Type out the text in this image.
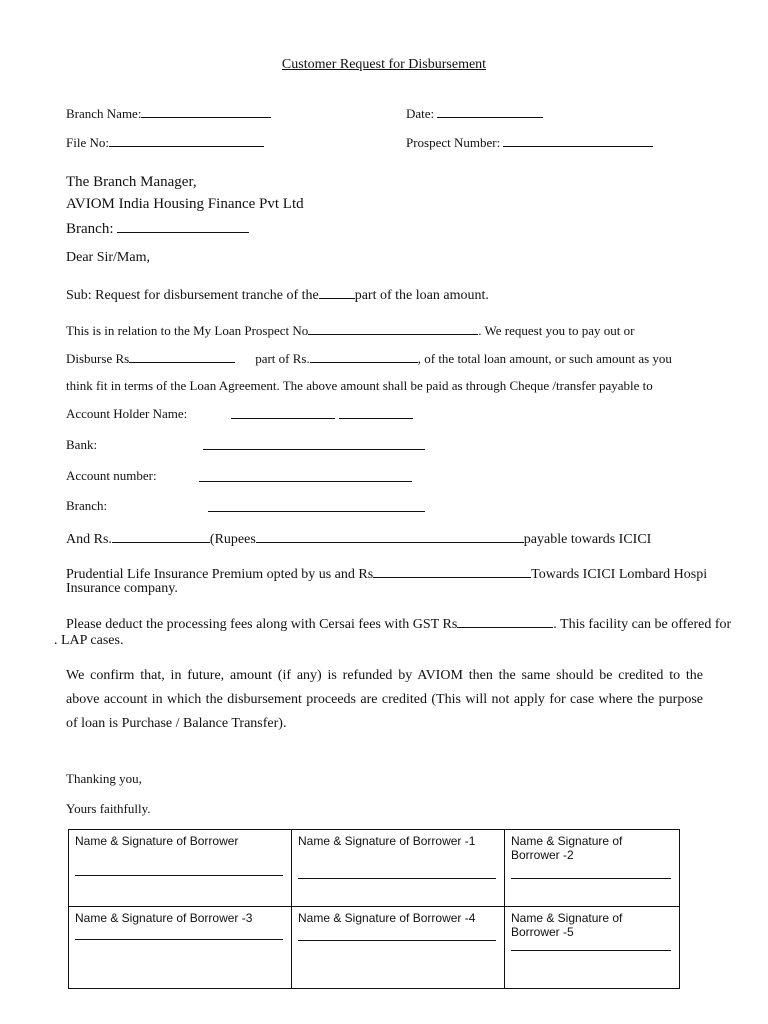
Customer Request for Disbursement
Branch Name:	Date:
File No:	Prospect Number:
The Branch Manager,
AVIOM India Housing Finance Pvt Ltd
Branch:
Dear Sir/Mam,
Sub: Request for disbursement tranche of the	part of the loan amount.
This is in relation to the My Loan Prospect No	. We request you to pay out or
Disburse Rs	part of Rs.	, of the total loan amount, or such amount as you
think fit in terms of the Loan Agreement. The above amount shall be paid as through Cheque /transfer payable to
Account Holder Name:
Bank:
Account number:
Branch:
And Rs.	(Rupees	payable towards ICICI
Prudential Life Insurance Premium opted by us and Rs	Towards ICICI Lombard Hospi
Insurance company.
Please deduct the processing fees along with Cersai fees with GST Rs	. This facility can be offered for
. LAP cases.
We confirm that, in future, amount (if any) is refunded by AVIOM then the same should be credited to the
above account in which the disbursement proceeds are credited (This will not apply for case where the purpose
of loan is Purchase / Balance Transfer).
Thanking you,
Yours faithfully.
Name & Signature of Borrower	Name & Signature of Borrower -1	Name & Signature of Borrower -2

Name & Signature of Borrower -3	Name & Signature of Borrower -4	Name & Signature of Borrower -5
